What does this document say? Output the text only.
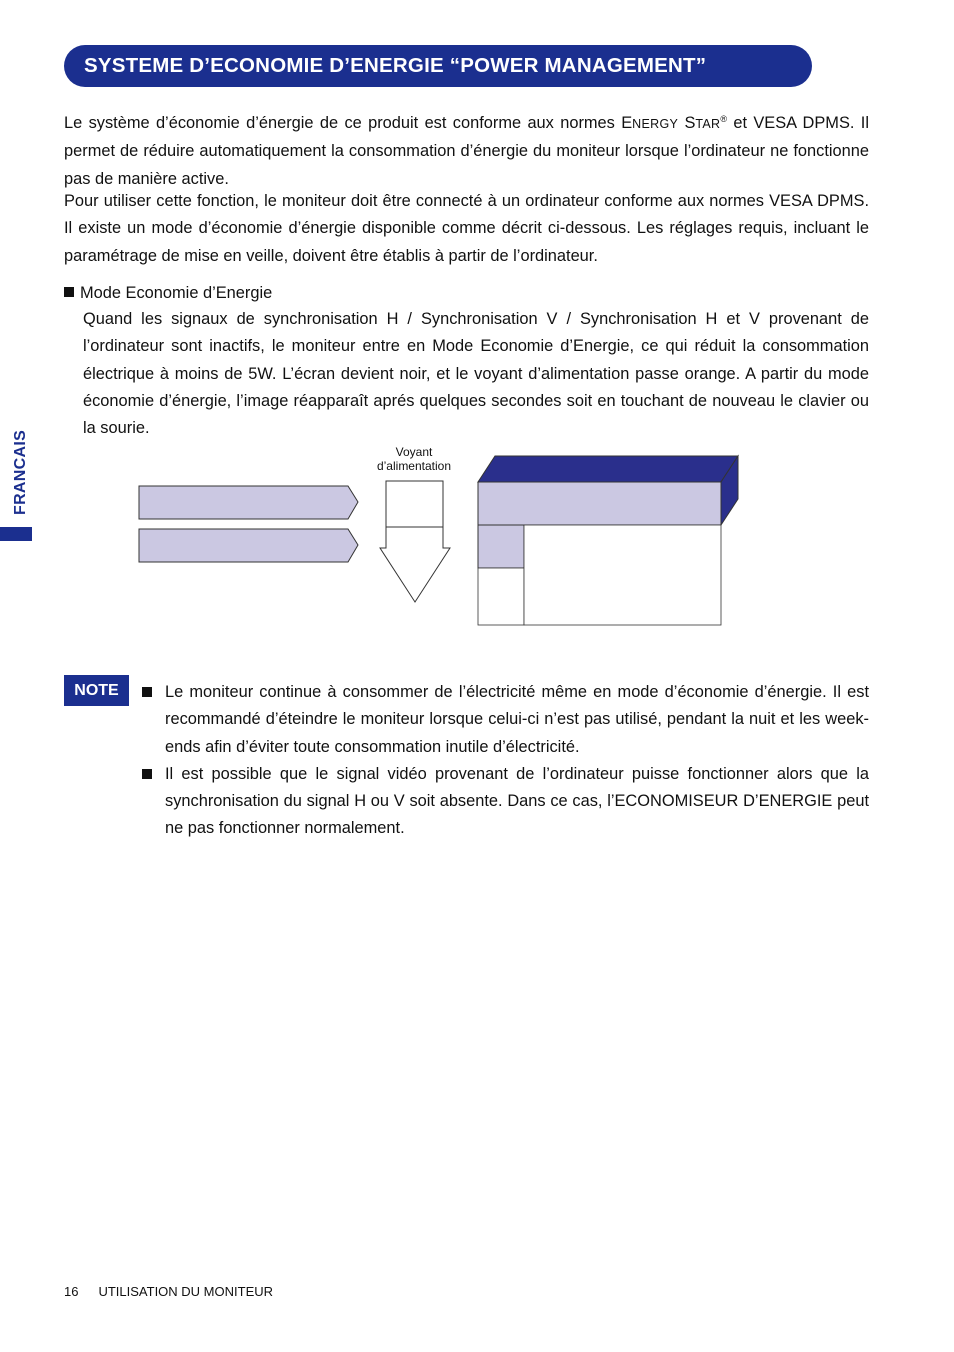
SYSTEME D’ECONOMIE D’ENERGIE “POWER MANAGEMENT”
FRANCAIS

Le système d’économie d’énergie de ce produit est conforme aux normes ENERGY STAR® et VESA DPMS. Il permet de réduire automatiquement la consommation d’énergie du moniteur lorsque l’ordinateur ne fonctionne pas de manière active.

Pour utiliser cette fonction, le moniteur doit être connecté à un ordinateur conforme aux normes VESA DPMS. Il existe un mode d’économie d’énergie disponible comme décrit ci-dessous. Les réglages requis, incluant le paramétrage de mise en veille, doivent être établis à partir de l’ordinateur.

Mode Economie d’Energie

Quand les signaux de synchronisation H / Synchronisation V / Synchronisation H et V provenant de l’ordinateur sont inactifs, le moniteur entre en Mode Economie d’Energie, ce qui réduit la consommation électrique à moins de 5W. L’écran devient noir, et le voyant d’alimentation passe orange. A partir du mode économie d’énergie, l’image réapparaît aprés quelques secondes soit en touchant de nouveau le clavier ou la sourie.

Voyant
d’alimentation
NOTE	Le moniteur continue à consommer de l’électricité même en mode d’économie d’énergie. Il est recommandé d’éteindre le moniteur lorsque celui-ci n’est pas utilisé, pendant la nuit et les week-ends afin d’éviter toute consommation inutile d’électricité.
Il est possible que le signal vidéo provenant de l’ordinateur puisse fonctionner alors que la synchronisation du signal H ou V soit absente. Dans ce cas, l’ECONOMISEUR D’ENERGIE peut ne pas fonctionner normalement.
16 UTILISATION DU MONITEUR
